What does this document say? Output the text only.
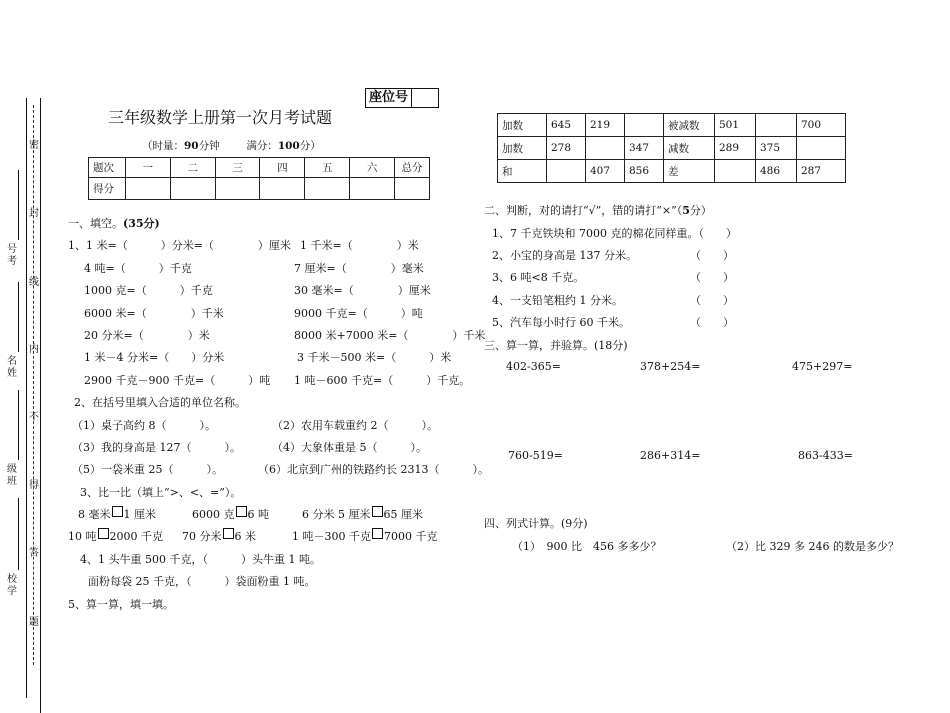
密
封
线
内
不
得
答
题
号考
名姓
级班
校学
座位号
三年级数学上册第一次月考试题
（时量：90分钟	满分：100分）
题次	一	二	三	四	五	六	总分
得分							
一、填空。(35分)
1、1 米=（　　　）分米=（　　　　）厘米 1 千米=（　　　　）米
4 吨=（　　　）千克	7 厘米=（　　　　）毫米
1000 克=（　　　）千克	30 毫米=（　　　　）厘米
6000 米=（　　　　）千米	9000 千克=（　　　）吨
20 分米=（　　　　）米	8000 米+7000 米=（　　　　）千米
1 米－4 分米=（　　）分米	3 千米－500 米=（　　　）米
2900 千克－900 千克=（　　　）吨 1 吨－600 千克=（　　　）千克。
2、在括号里填入合适的单位名称。
（1）桌子高约 8（　　　）。	（2）农用车载重约 2（　　　）。
（3）我的身高是 127（　　　）。	（4）大象体重是 5（　　　）。
（5）一袋米重 25（　　　）。	（6）北京到广州的铁路约长 2313（　　　）。
3、比一比（填上“>、<、=”）。
8 毫米 1 厘米	6000 克 6 吨	6 分米 5 厘米 65 厘米
10 吨 2000 千克 70 分米 6 米	1 吨－300 千克 7000 千克
4、1 头牛重 500 千克，（　　　）头牛重 1 吨。
面粉每袋 25 千克，（　　　）袋面粉重 1 吨。
5、算一算，填一填。
加数	645	219		被减数	501		700
加数	278		347	减数	289	375	
和		407	856	差		486	287
二、判断，对的请打“√”，错的请打“×”（5分）
1、7 千克铁块和 7000 克的棉花同样重。（　　）
2、小宝的身高是 137 分米。	（　　）
3、6 吨<8 千克。	（　　）
4、一支铅笔粗约 1 分米。	（　　）
5、汽车每小时行 60 千米。	（　　）
三、算一算，并验算。(18分)
402-365=	378+254=	475+297=
760-519=	286+314=	863-433=
四、列式计算。(9分)
（1）　900 比　456 多多少？	（2）比 329 多 246 的数是多少？
